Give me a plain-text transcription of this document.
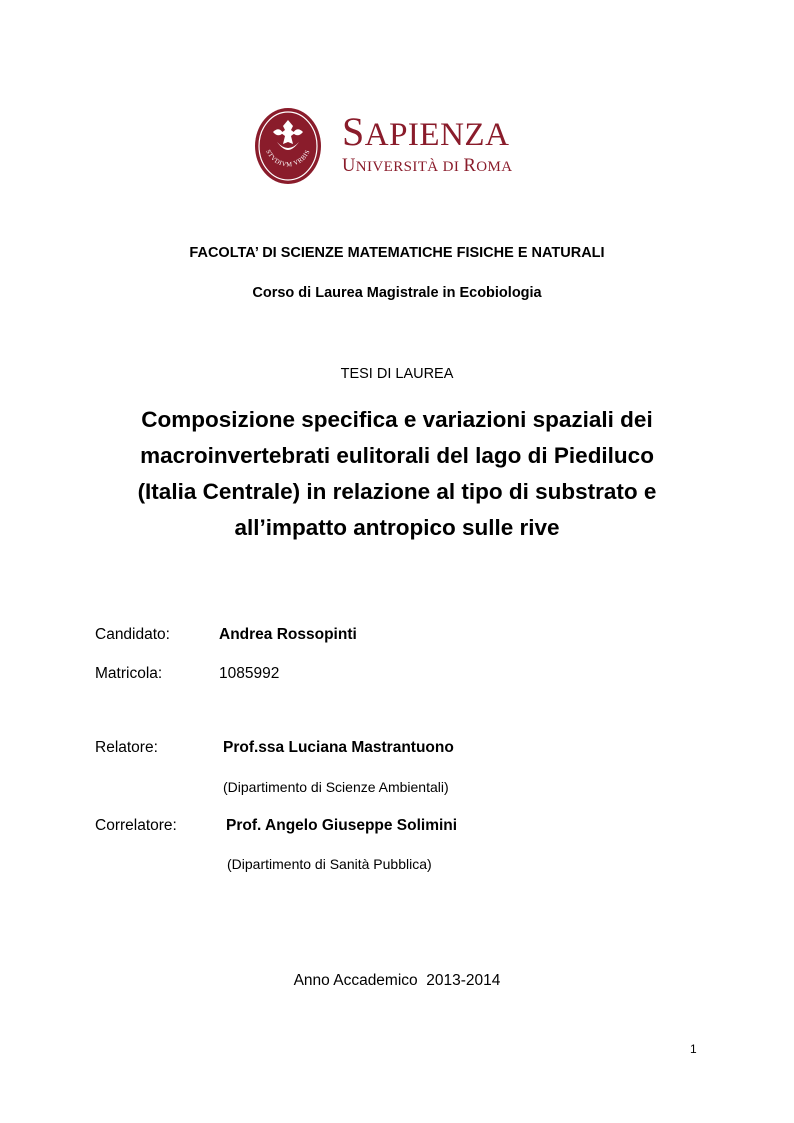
STVDIVM VRBIS SAPIENZA
UNIVERSITÀ DI ROMA
FACOLTA’ DI SCIENZE MATEMATICHE FISICHE E NATURALI
Corso di Laurea Magistrale in Ecobiologia
TESI DI LAUREA
Composizione specifica e variazioni spaziali dei
macroinvertebrati eulitorali del lago di Piediluco
(Italia Centrale) in relazione al tipo di substrato e
all’impatto antropico sulle rive
Candidato:	Andrea Rossopinti
Matricola:	1085992
Relatore:	Prof.ssa Luciana Mastrantuono
(Dipartimento di Scienze Ambientali)
Correlatore:	Prof. Angelo Giuseppe Solimini
(Dipartimento di Sanità Pubblica)
Anno Accademico  2013-2014
1
